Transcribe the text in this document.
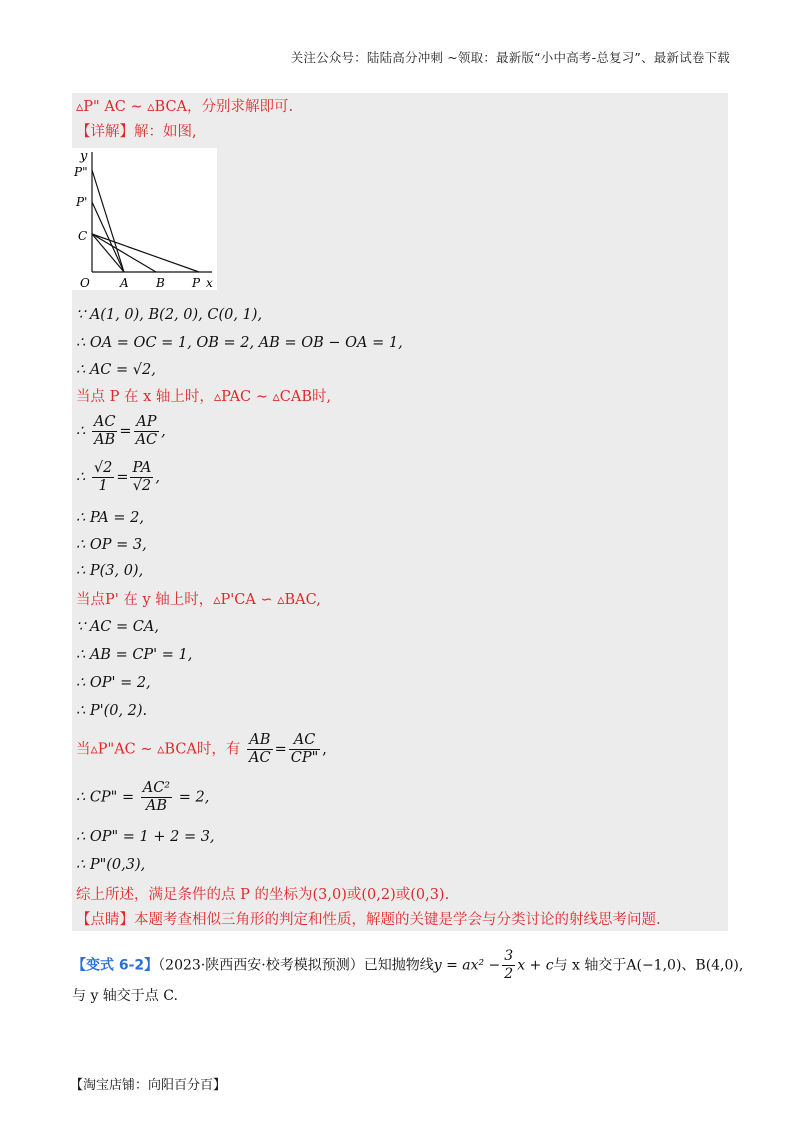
关注公众号：陆陆高分冲刺 ~领取：最新版“小中高考-总复习”、最新试卷下载
▵P" AC ∼ ▵BCA，分别求解即可.
【详解】解：如图,
y
P"
P'
C
O	A B P x
∵ A(1, 0), B(2, 0), C(0, 1),
∴ OA = OC = 1, OB = 2, AB = OB − OA = 1,
∴ AC = √2,
当点 P 在 x 轴上时，▵PAC ∼ ▵CAB时,
∴ $\frac{AC}{AB} = \frac{AP}{AC}$ ,
∴ $\frac{√2}{1} = \frac{PA}{√2}$ ,
∴ PA = 2,
∴ OP = 3,
∴ P(3, 0),
当点P' 在 y 轴上时，▵P'CA ∽ ▵BAC,
∵ AC = CA,
∴ AB = CP' = 1,
∴ OP' = 2,
∴ P'(0, 2).
当▵P"AC ∼ ▵BCA时，有 $\frac{AB}{AC} = \frac{AC}{CP"}$ ,
∴ CP" = $\frac{\text{AC²}}{AB} = 2$,
∴ OP" = 1 + 2 = 3,
∴ P"(0,3),
综上所述，满足条件的点 P 的坐标为(3,0)或(0,2)或(0,3).
【点睛】本题考查相似三角形的判定和性质，解题的关键是学会与分类讨论的射线思考问题.
【变式 6-2】（2023·陕西西安·校考模拟预测）已知抛物线$y = ax^2 - \frac{3}{2}$ x + c与 x 轴交于A(−1,0)、B(4,0),
与 y 轴交于点 C.
【淘宝店铺：向阳百分百】
